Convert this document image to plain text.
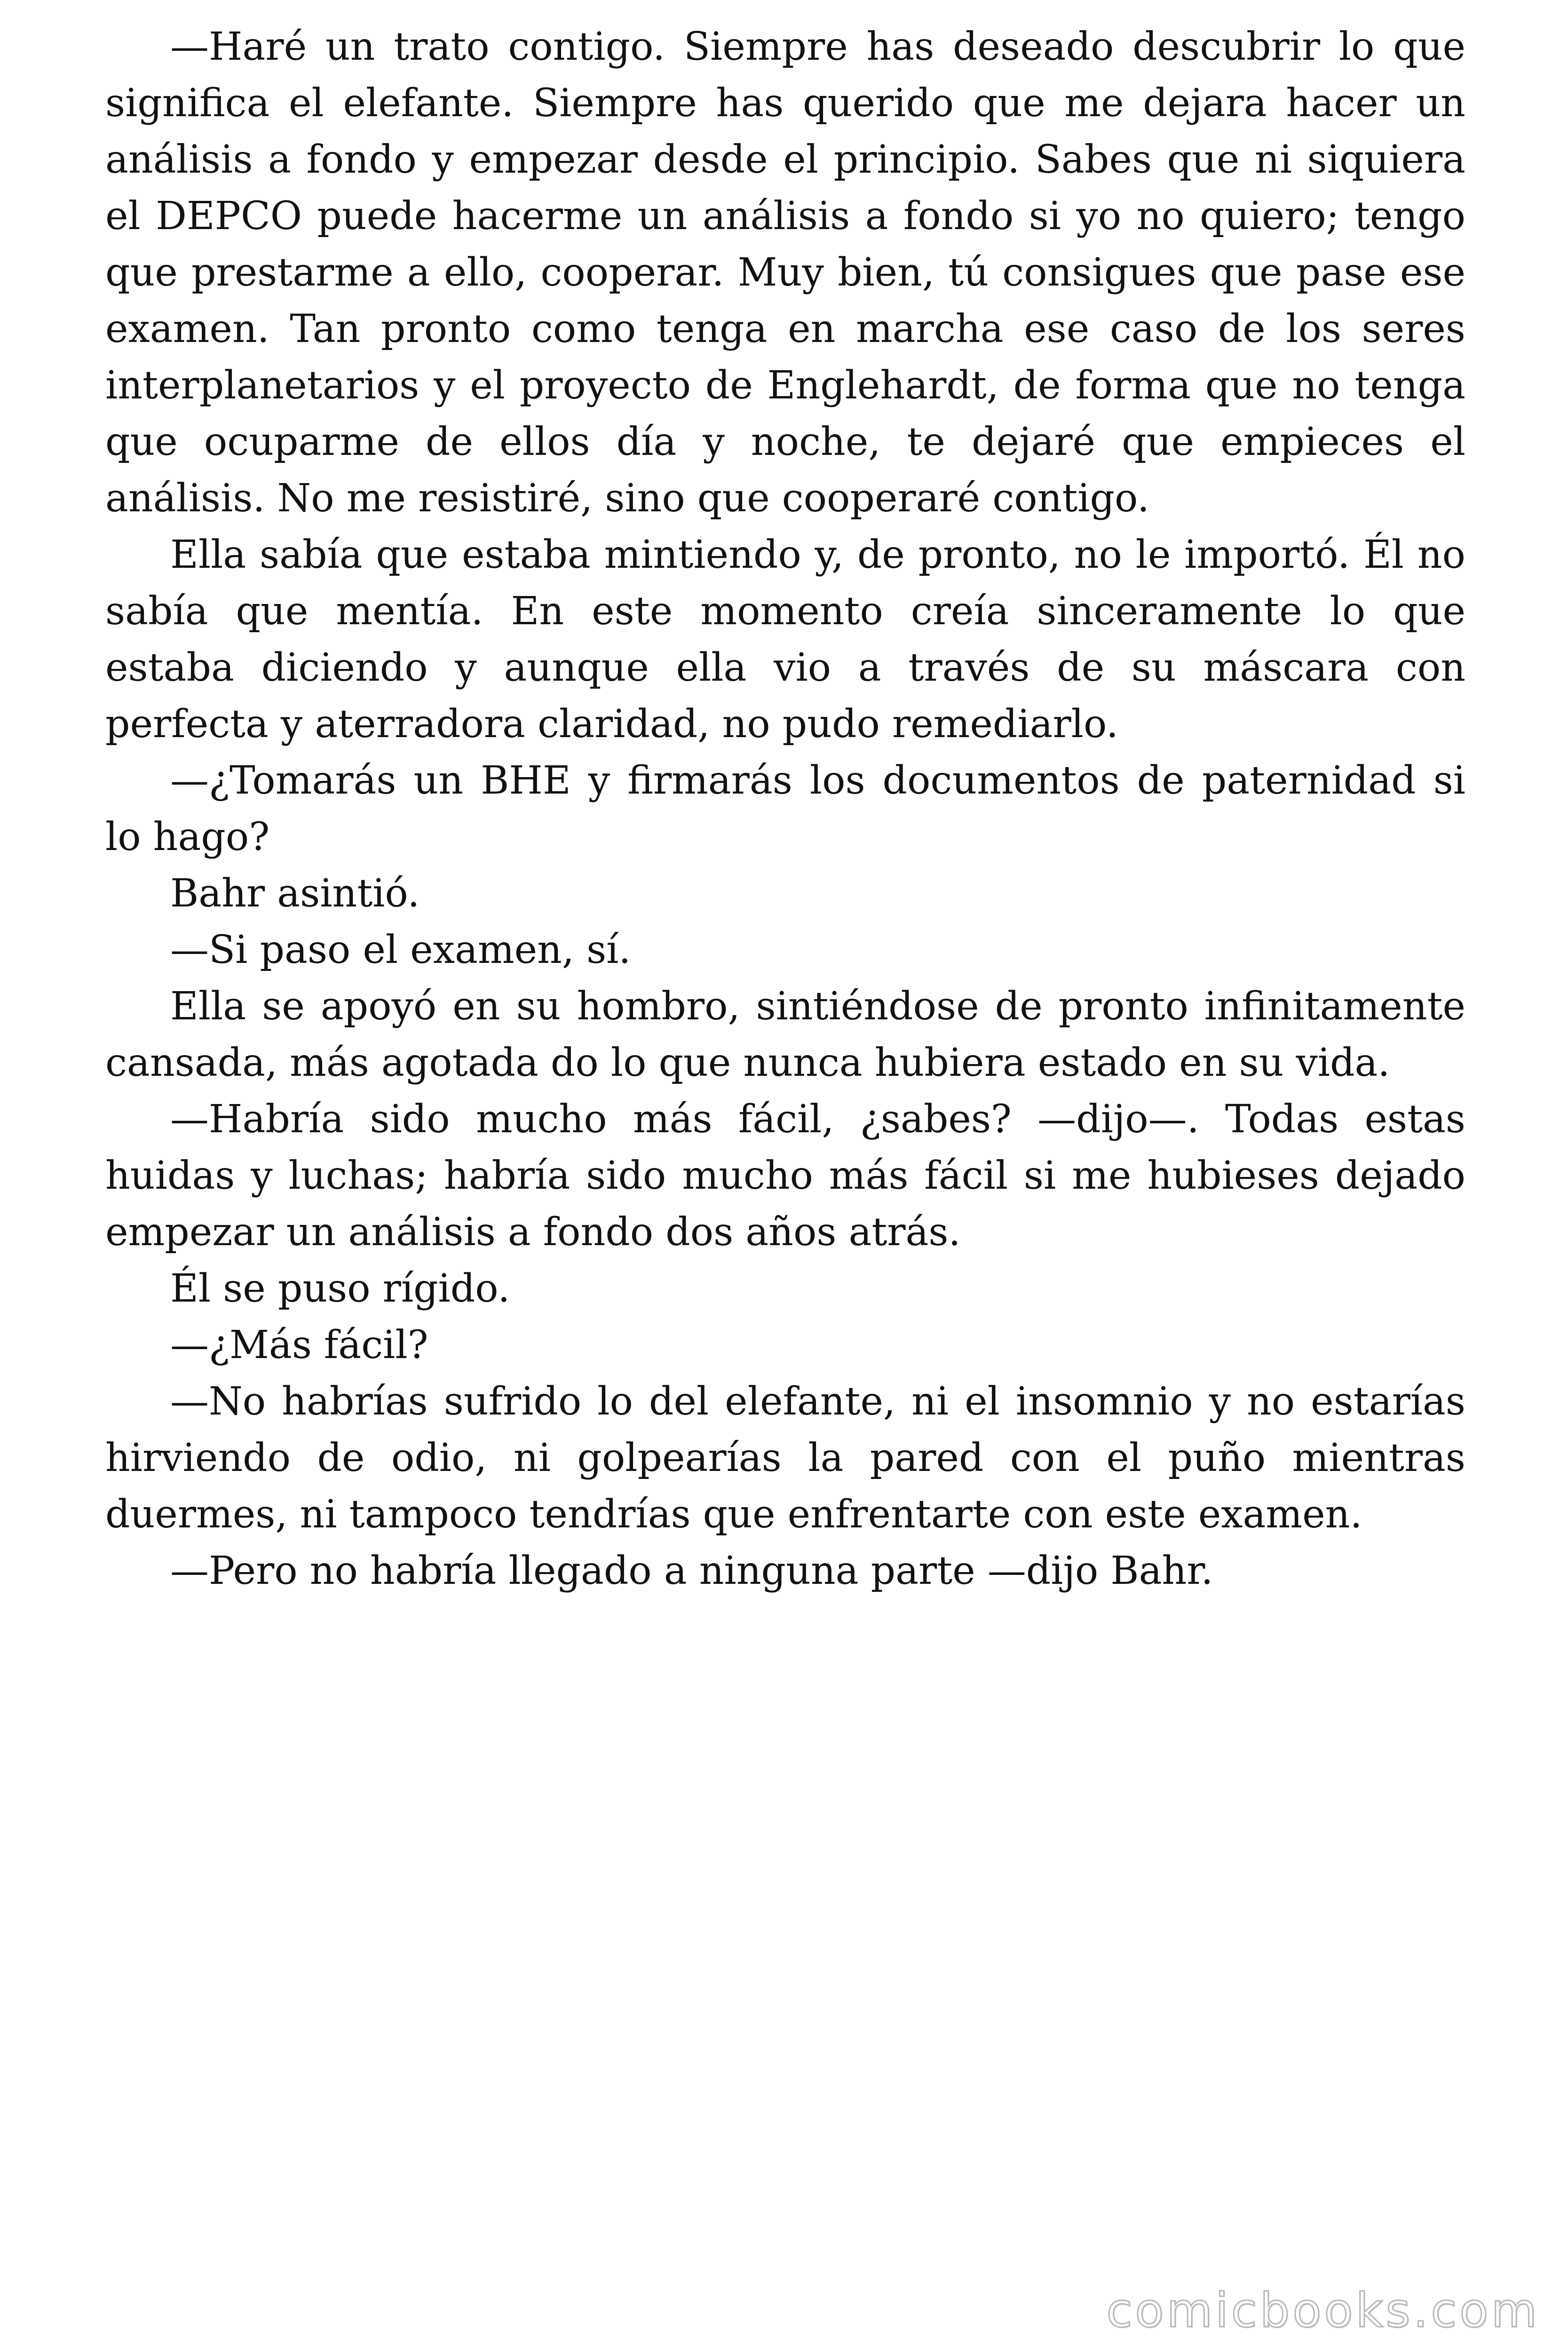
—Haré un trato contigo. Siempre has deseado descubrir lo que significa el elefante. Siempre has querido que me dejara hacer un análisis a fondo y empezar desde el principio. Sabes que ni siquiera el DEPCO puede hacerme un análisis a fondo si yo no quiero; tengo que prestarme a ello, cooperar. Muy bien, tú consigues que pase ese examen. Tan pronto como tenga en marcha ese caso de los seres interplanetarios y el proyecto de Englehardt, de forma que no tenga que ocuparme de ellos día y noche, te dejaré que empieces el análisis. No me resistiré, sino que cooperaré contigo.

Ella sabía que estaba mintiendo y, de pronto, no le importó. Él no sabía que mentía. En este momento creía sinceramente lo que estaba diciendo y aunque ella vio a través de su máscara con perfecta y aterradora claridad, no pudo remediarlo.

—¿Tomarás un BHE y firmarás los documentos de paternidad si lo hago?

Bahr asintió.

—Si paso el examen, sí.

Ella se apoyó en su hombro, sintiéndose de pronto infinitamente cansada, más agotada do lo que nunca hubiera estado en su vida.

—Habría sido mucho más fácil, ¿sabes? —dijo—. Todas estas huidas y luchas; habría sido mucho más fácil si me hubieses dejado empezar un análisis a fondo dos años atrás.

Él se puso rígido.

—¿Más fácil?

—No habrías sufrido lo del elefante, ni el insomnio y no estarías hirviendo de odio, ni golpearías la pared con el puño mientras duermes, ni tampoco tendrías que enfrentarte con este examen.

—Pero no habría llegado a ninguna parte —dijo Bahr.

comicbooks.com
